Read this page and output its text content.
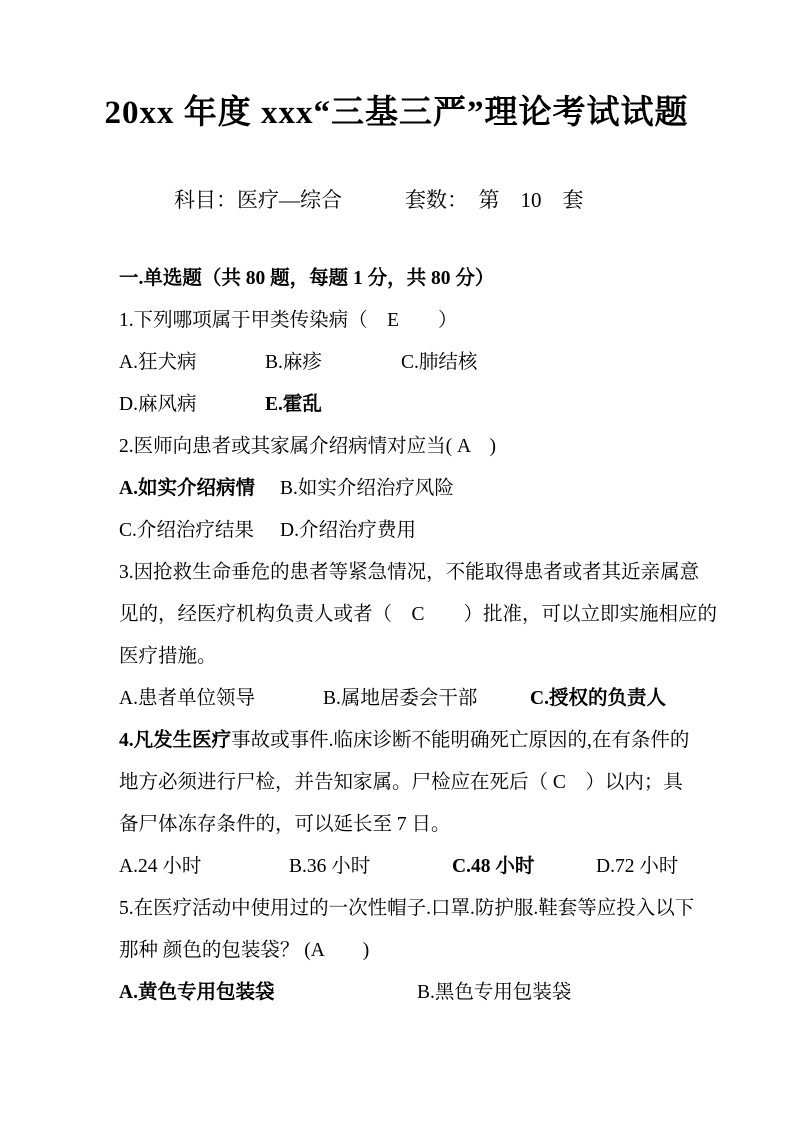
20xx 年度 xxx“三基三严”理论考试试题
科目：医疗—综合　　　套数：　第　10　套
一.单选题（共 80 题，每题 1 分，共 80 分）
1.下列哪项属于甲类传染病（　E　　）
A.狂犬病	B.麻疹	C.肺结核
D.麻风病	E.霍乱
2.医师向患者或其家属介绍病情对应当( A　)
A.如实介绍病情 B.如实介绍治疗风险
C.介绍治疗结果 D.介绍治疗费用
3.因抢救生命垂危的患者等紧急情况，不能取得患者或者其近亲属意
见的，经医疗机构负责人或者（　C　　）批准，可以立即实施相应的
医疗措施。
A.患者单位领导	B.属地居委会干部	C.授权的负责人
4.凡发生医疗事故或事件.临床诊断不能明确死亡原因的,在有条件的
地方必须进行尸检，并告知家属。尸检应在死后（ C　）以内；具
备尸体冻存条件的，可以延长至 7 日。
A.24 小时	B.36 小时	C.48 小时	D.72 小时
5.在医疗活动中使用过的一次性帽子.口罩.防护服.鞋套等应投入以下
那种 颜色的包装袋？ (A　　)
A.黄色专用包装袋	B.黑色专用包装袋
